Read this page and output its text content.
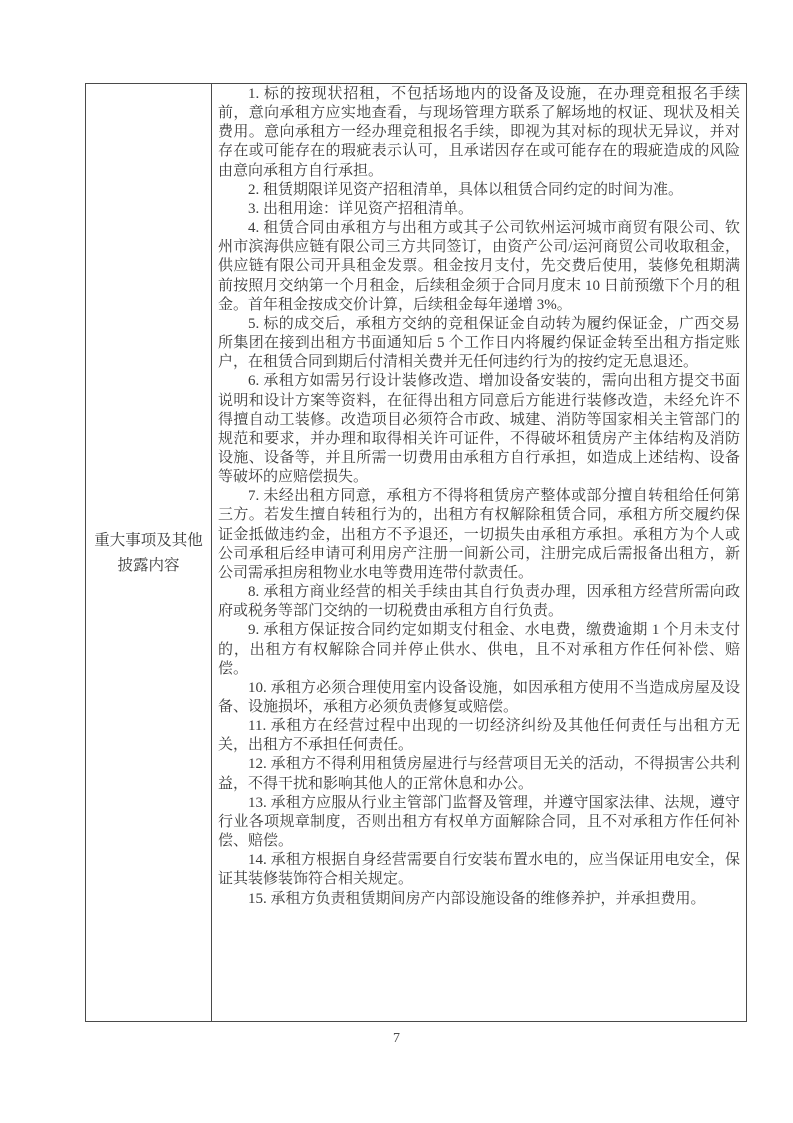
重大事项及其他披露内容	

1. 标的按现状招租，不包括场地内的设备及设施，在办理竞租报名手续前，意向承租方应实地查看，与现场管理方联系了解场地的权证、现状及相关费用。意向承租方一经办理竞租报名手续，即视为其对标的现状无异议，并对存在或可能存在的瑕疵表示认可，且承诺因存在或可能存在的瑕疵造成的风险由意向承租方自行承担。

2. 租赁期限详见资产招租清单，具体以租赁合同约定的时间为准。

3. 出租用途：详见资产招租清单。

4. 租赁合同由承租方与出租方或其子公司钦州运河城市商贸有限公司、钦州市滨海供应链有限公司三方共同签订，由资产公司/运河商贸公司收取租金，供应链有限公司开具租金发票。租金按月支付，先交费后使用，装修免租期满前按照月交纳第一个月租金，后续租金须于合同月度末 10 日前预缴下个月的租金。首年租金按成交价计算，后续租金每年递增 3%。

5. 标的成交后，承租方交纳的竞租保证金自动转为履约保证金，广西交易所集团在接到出租方书面通知后 5 个工作日内将履约保证金转至出租方指定账户，在租赁合同到期后付清相关费并无任何违约行为的按约定无息退还。

6. 承租方如需另行设计装修改造、增加设备安装的，需向出租方提交书面说明和设计方案等资料，在征得出租方同意后方能进行装修改造，未经允许不得擅自动工装修。改造项目必须符合市政、城建、消防等国家相关主管部门的规范和要求，并办理和取得相关许可证件，不得破坏租赁房产主体结构及消防设施、设备等，并且所需一切费用由承租方自行承担，如造成上述结构、设备等破坏的应赔偿损失。

7. 未经出租方同意，承租方不得将租赁房产整体或部分擅自转租给任何第三方。若发生擅自转租行为的，出租方有权解除租赁合同，承租方所交履约保证金抵做违约金，出租方不予退还，一切损失由承租方承担。承租方为个人或公司承租后经申请可利用房产注册一间新公司，注册完成后需报备出租方，新公司需承担房租物业水电等费用连带付款责任。

8. 承租方商业经营的相关手续由其自行负责办理，因承租方经营所需向政府或税务等部门交纳的一切税费由承租方自行负责。

9. 承租方保证按合同约定如期支付租金、水电费，缴费逾期 1 个月未支付的，出租方有权解除合同并停止供水、供电，且不对承租方作任何补偿、赔偿。

10. 承租方必须合理使用室内设备设施，如因承租方使用不当造成房屋及设备、设施损坏，承租方必须负责修复或赔偿。

11. 承租方在经营过程中出现的一切经济纠纷及其他任何责任与出租方无关，出租方不承担任何责任。

12. 承租方不得利用租赁房屋进行与经营项目无关的活动，不得损害公共利益，不得干扰和影响其他人的正常休息和办公。

13. 承租方应服从行业主管部门监督及管理，并遵守国家法律、法规，遵守行业各项规章制度，否则出租方有权单方面解除合同，且不对承租方作任何补偿、赔偿。

14. 承租方根据自身经营需要自行安装布置水电的，应当保证用电安全，保证其装修装饰符合相关规定。

15. 承租方负责租赁期间房产内部设施设备的维修养护，并承担费用。

7
